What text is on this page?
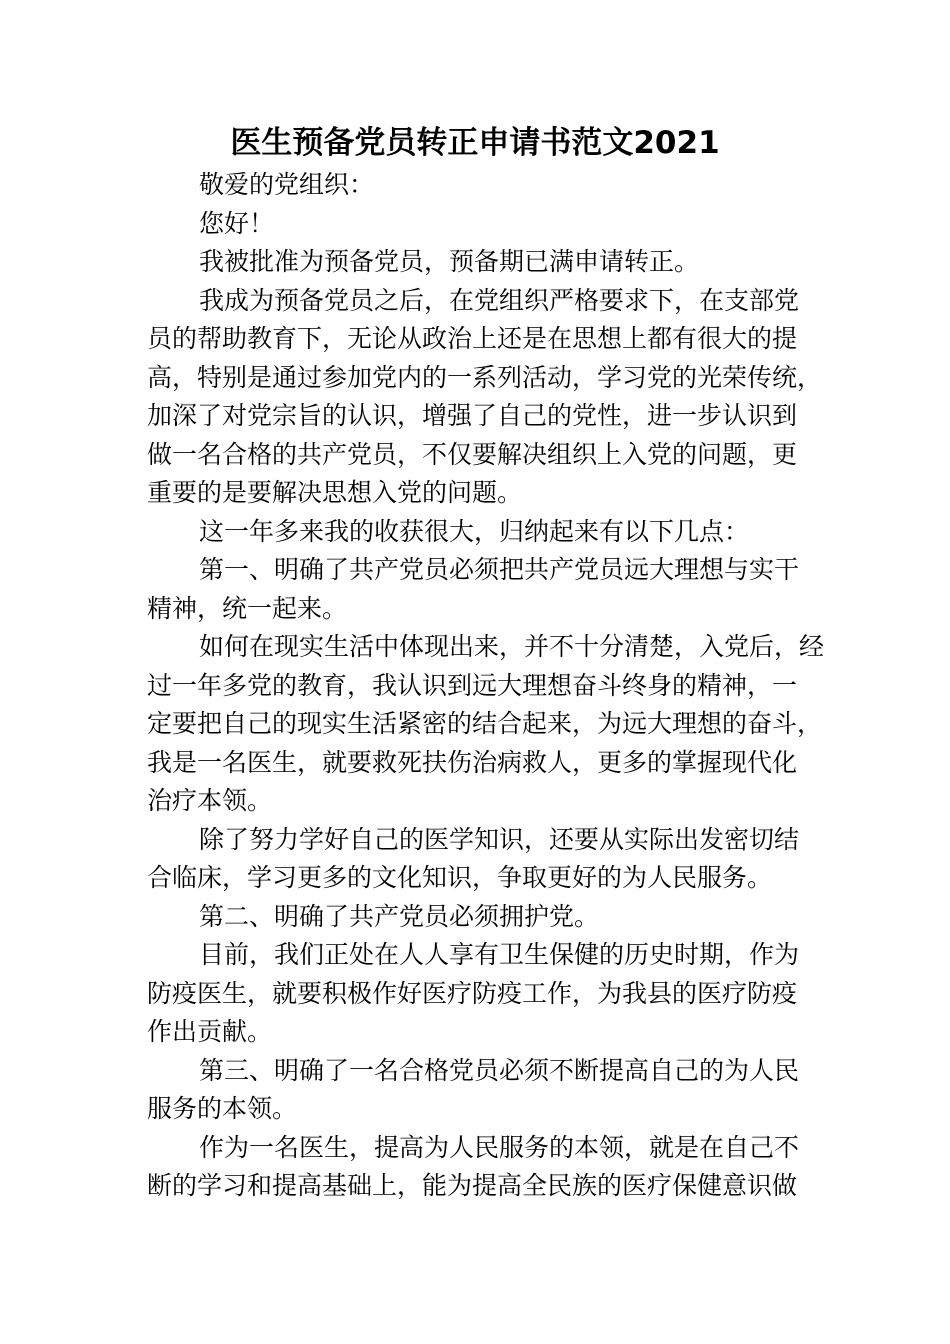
医生预备党员转正申请书范文2021
敬爱的党组织：
您好！
我被批准为预备党员，预备期已满申请转正。
我成为预备党员之后，在党组织严格要求下，在支部党
员的帮助教育下，无论从政治上还是在思想上都有很大的提
高，特别是通过参加党内的一系列活动，学习党的光荣传统，
加深了对党宗旨的认识，增强了自己的党性，进一步认识到
做一名合格的共产党员，不仅要解决组织上入党的问题，更
重要的是要解决思想入党的问题。
这一年多来我的收获很大，归纳起来有以下几点：
第一、明确了共产党员必须把共产党员远大理想与实干
精神，统一起来。
如何在现实生活中体现出来，并不十分清楚，入党后，经
过一年多党的教育，我认识到远大理想奋斗终身的精神，一
定要把自己的现实生活紧密的结合起来，为远大理想的奋斗，
我是一名医生，就要救死扶伤治病救人，更多的掌握现代化
治疗本领。
除了努力学好自己的医学知识，还要从实际出发密切结
合临床，学习更多的文化知识，争取更好的为人民服务。
第二、明确了共产党员必须拥护党。
目前，我们正处在人人享有卫生保健的历史时期，作为
防疫医生，就要积极作好医疗防疫工作，为我县的医疗防疫
作出贡献。
第三、明确了一名合格党员必须不断提高自己的为人民
服务的本领。
作为一名医生，提高为人民服务的本领，就是在自己不
断的学习和提高基础上，能为提高全民族的医疗保健意识做
